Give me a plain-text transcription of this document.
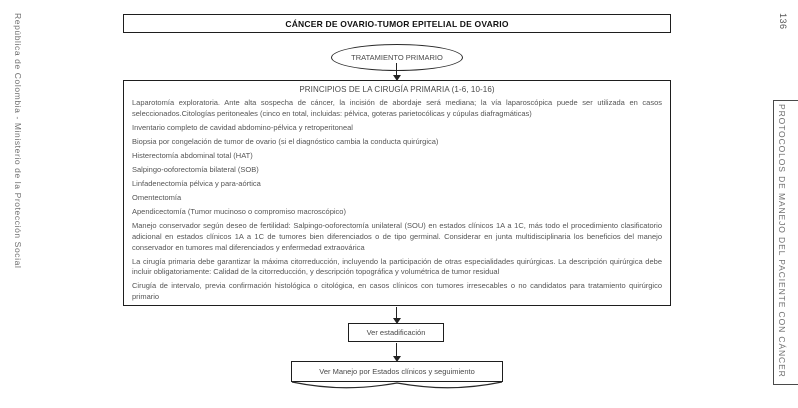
República de Colombia - Ministerio de la Protección Social	136
PROTOCOLOS DE MANEJO DEL PACIENTE CON CÁNCER
CÁNCER DE OVARIO-TUMOR EPITELIAL DE OVARIO
TRATAMIENTO PRIMARIO
PRINCIPIOS DE LA CIRUGÍA PRIMARIA (1-6, 10-16)

Laparotomía exploratoria. Ante alta sospecha de cáncer, la incisión de abordaje será mediana; la vía laparoscópica puede ser utilizada en casos seleccionados.Citologías peritoneales (cinco en total, incluidas: pélvica, goteras parietocólicas y cúpulas diafragmáticas)

Inventario completo de cavidad abdomino-pélvica y retroperitoneal

Biopsia por congelación de tumor de ovario (si el diagnóstico cambia la conducta quirúrgica)

Histerectomía abdominal total (HAT)

Salpingo-ooforectomía bilateral (SOB)

Linfadenectomía pélvica y para-aórtica

Omentectomía

Apendicectomía (Tumor mucinoso o compromiso macroscópico)

Manejo conservador según deseo de fertilidad: Salpingo-ooforectomía unilateral (SOU) en estados clínicos 1A a 1C, más todo el procedimiento clasificatorio adicional en estados clínicos 1A a 1C de tumores bien diferenciados o de tipo germinal. Considerar en junta multidisciplinaria los beneficios del manejo conservador en tumores mal diferenciados y enfermedad extraovárica

La cirugía primaria debe garantizar la máxima citorreducción, incluyendo la participación de otras especialidades quirúrgicas. La descripción quirúrgica debe incluir obligatoriamente: Calidad de la citorreducción, y descripción topográfica y volumétrica de tumor residual

Cirugía de intervalo, previa confirmación histológica o citológica, en casos clínicos con tumores irresecables o no candidatos para tratamiento quirúrgico primario

Ver estadificación
Ver Manejo por Estados clínicos y seguimiento
